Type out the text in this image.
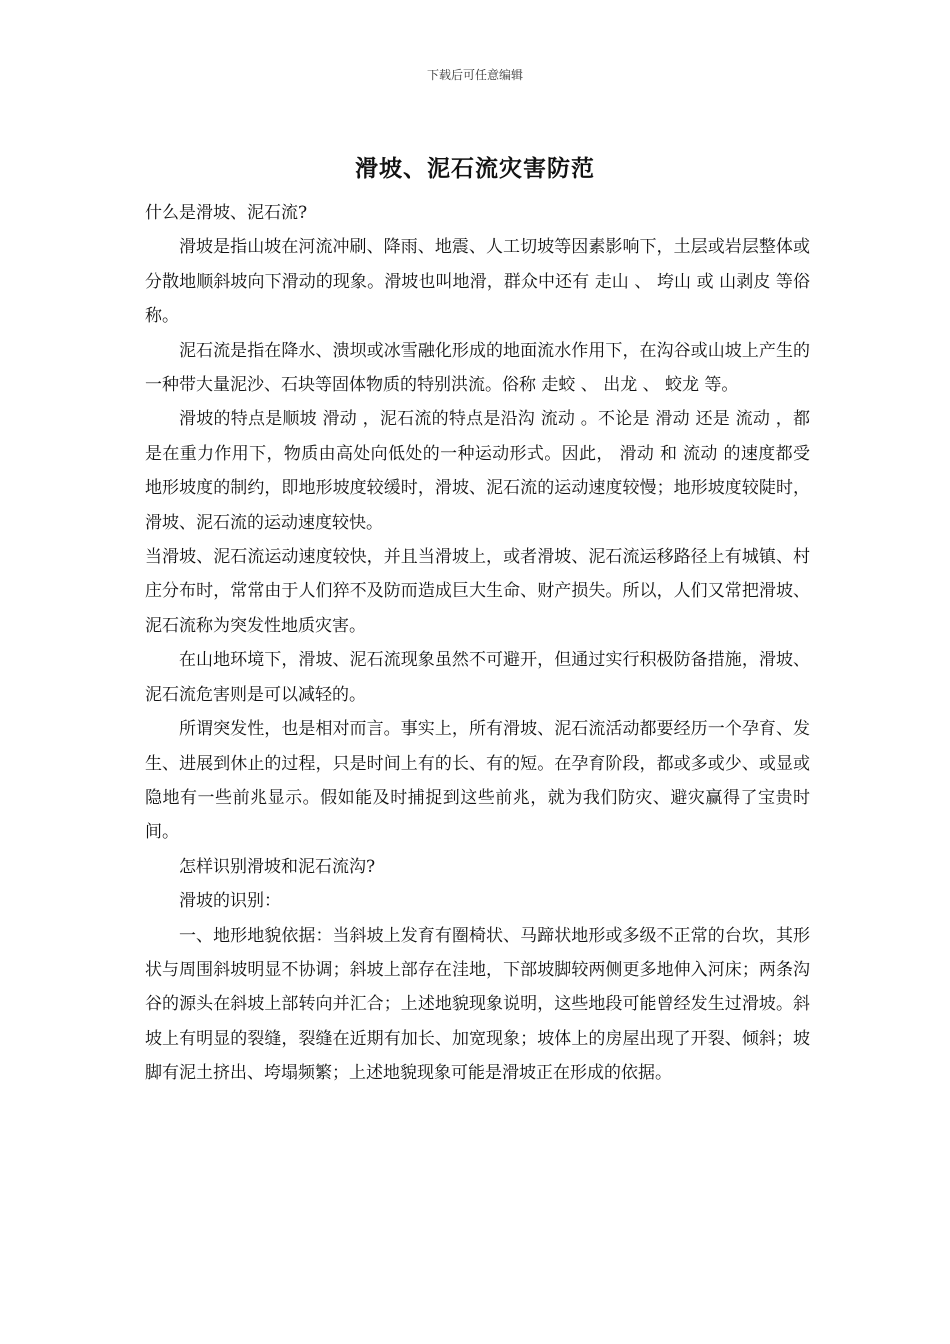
下载后可任意编辑
滑坡、泥石流灾害防范

什么是滑坡、泥石流?

滑坡是指山坡在河流冲刷、降雨、地震、人工切坡等因素影响下，土层或岩层整体或分散地顺斜坡向下滑动的现象。滑坡也叫地滑，群众中还有 走山 、 垮山 或 山剥皮 等俗称。

泥石流是指在降水、溃坝或冰雪融化形成的地面流水作用下，在沟谷或山坡上产生的一种带大量泥沙、石块等固体物质的特别洪流。俗称 走蛟 、 出龙 、 蛟龙 等。

滑坡的特点是顺坡 滑动 ，泥石流的特点是沿沟 流动 。不论是 滑动 还是 流动 ，都是在重力作用下，物质由高处向低处的一种运动形式。因此， 滑动 和 流动 的速度都受地形坡度的制约，即地形坡度较缓时，滑坡、泥石流的运动速度较慢；地形坡度较陡时，滑坡、泥石流的运动速度较快。

当滑坡、泥石流运动速度较快，并且当滑坡上，或者滑坡、泥石流运移路径上有城镇、村庄分布时，常常由于人们猝不及防而造成巨大生命、财产损失。所以，人们又常把滑坡、泥石流称为突发性地质灾害。

在山地环境下，滑坡、泥石流现象虽然不可避开，但通过实行积极防备措施，滑坡、泥石流危害则是可以减轻的。

所谓突发性，也是相对而言。事实上，所有滑坡、泥石流活动都要经历一个孕育、发生、进展到休止的过程，只是时间上有的长、有的短。在孕育阶段，都或多或少、或显或隐地有一些前兆显示。假如能及时捕捉到这些前兆，就为我们防灾、避灾赢得了宝贵时间。

怎样识别滑坡和泥石流沟?

滑坡的识别：

一、地形地貌依据：当斜坡上发育有圈椅状、马蹄状地形或多级不正常的台坎，其形状与周围斜坡明显不协调；斜坡上部存在洼地，下部坡脚较两侧更多地伸入河床；两条沟谷的源头在斜坡上部转向并汇合；上述地貌现象说明，这些地段可能曾经发生过滑坡。斜坡上有明显的裂缝，裂缝在近期有加长、加宽现象；坡体上的房屋出现了开裂、倾斜；坡脚有泥土挤出、垮塌频繁；上述地貌现象可能是滑坡正在形成的依据。
